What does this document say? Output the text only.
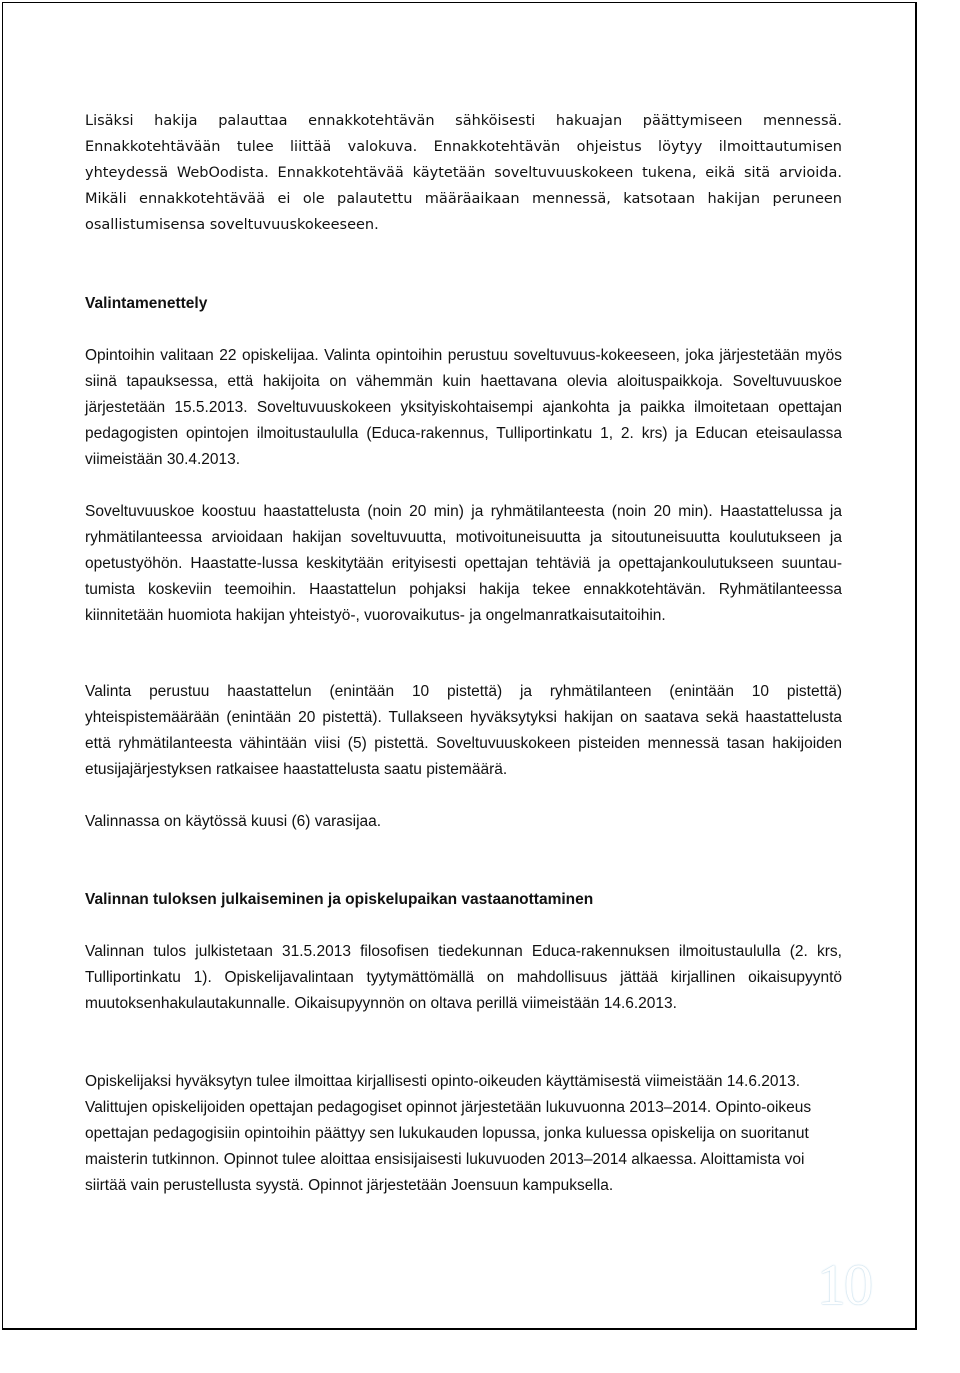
Lisäksi hakija palauttaa ennakkotehtävän sähköisesti hakuajan päättymiseen mennessä. Ennakkotehtävään tulee liittää valokuva. Ennakkotehtävän ohjeistus löytyy ilmoittautumisen yhteydessä WebOodista. Ennakkotehtävää käytetään soveltuvuuskokeen tukena, eikä sitä arvioida. Mikäli ennakkotehtävää ei ole palautettu määräaikaan mennessä, katsotaan hakijan peruneen osallistumisensa soveltuvuuskokeeseen.

Valintamenettely

Opintoihin valitaan 22 opiskelijaa. Valinta opintoihin perustuu soveltuvuus-kokeeseen, joka järjestetään myös siinä tapauksessa, että hakijoita on vähemmän kuin haettavana olevia aloituspaikkoja. Soveltuvuuskoe järjestetään 15.5.2013. Soveltuvuuskokeen yksityiskohtaisempi ajankohta ja paikka ilmoitetaan opettajan pedagogisten opintojen ilmoitustaululla (Educa-rakennus, Tulliportinkatu 1, 2. krs) ja Educan eteisaulassa viimeistään 30.4.2013.

Soveltuvuuskoe koostuu haastattelusta (noin 20 min) ja ryhmätilanteesta (noin 20 min). Haastattelussa ja ryhmätilanteessa arvioidaan hakijan soveltuvuutta, motivoituneisuutta ja sitoutuneisuutta koulutukseen ja opetustyöhön. Haastatte-lussa keskitytään erityisesti opettajan tehtäviä ja opettajankoulutukseen suuntau-tumista koskeviin teemoihin. Haastattelun pohjaksi hakija tekee ennakkotehtävän. Ryhmätilanteessa kiinnitetään huomiota hakijan yhteistyö-, vuorovaikutus- ja ongelmanratkaisutaitoihin.

Valinta perustuu haastattelun (enintään 10 pistettä) ja ryhmätilanteen (enintään 10 pistettä) yhteispistemäärään (enintään 20 pistettä). Tullakseen hyväksytyksi hakijan on saatava sekä haastattelusta että ryhmätilanteesta vähintään viisi (5) pistettä. Soveltuvuuskokeen pisteiden mennessä tasan hakijoiden etusijajärjestyksen ratkaisee haastattelusta saatu pistemäärä.

Valinnassa on käytössä kuusi (6) varasijaa.

Valinnan tuloksen julkaiseminen ja opiskelupaikan vastaanottaminen

Valinnan tulos julkistetaan 31.5.2013 filosofisen tiedekunnan Educa-rakennuksen ilmoitustaululla (2. krs, Tulliportinkatu 1). Opiskelijavalintaan tyytymättömällä on mahdollisuus jättää kirjallinen oikaisupyyntö muutoksenhakulautakunnalle. Oikaisupyynnön on oltava perillä viimeistään 14.6.2013.

Opiskelijaksi hyväksytyn tulee ilmoittaa kirjallisesti opinto-oikeuden käyttämisestä viimeistään 14.6.2013. Valittujen opiskelijoiden opettajan pedagogiset opinnot järjestetään lukuvuonna 2013–2014. Opinto-oikeus opettajan pedagogisiin opintoihin päättyy sen lukukauden lopussa, jonka kuluessa opiskelija on suoritanut maisterin tutkinnon. Opinnot tulee aloittaa ensisijaisesti lukuvuoden 2013–2014 alkaessa. Aloittamista voi siirtää vain perustellusta syystä. Opinnot järjestetään Joensuun kampuksella.

10
